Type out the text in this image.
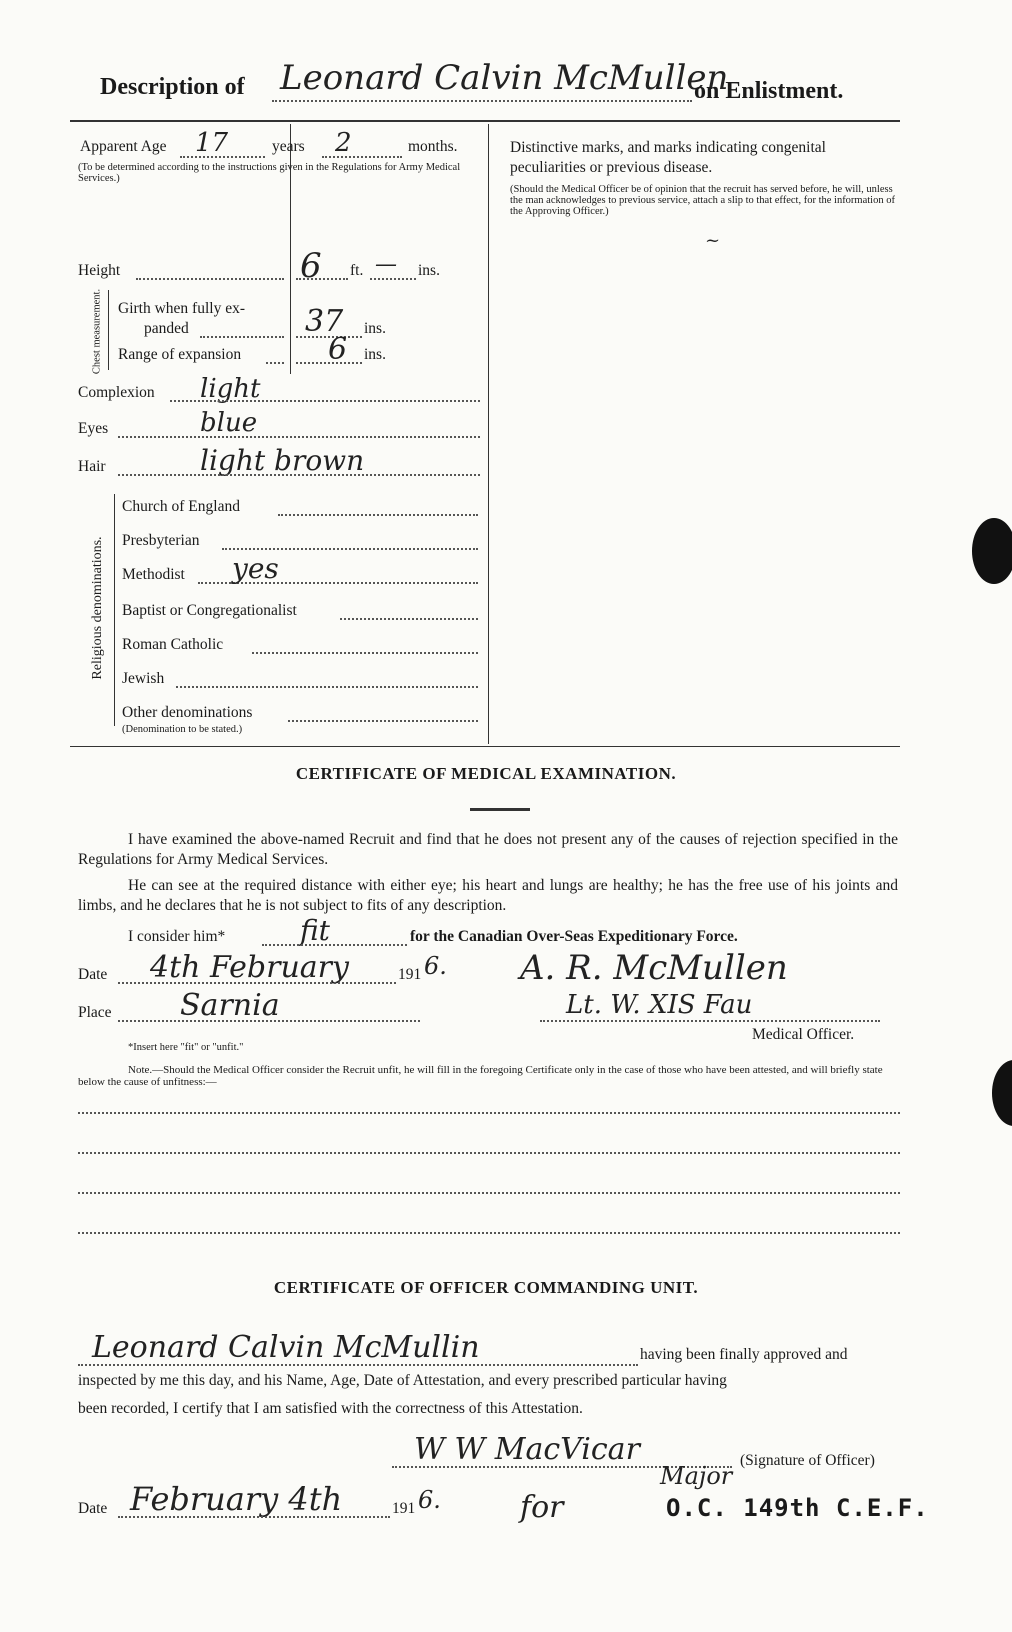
Description of Leonard Calvin McMullen
on Enlistment.
Apparent Age 17	years 2	months.
(To be determined according to the instructions given in the Regulations for Army Medical Services.)
Distinctive marks, and marks indicating congenital peculiarities or previous disease.
(Should the Medical Officer be of opinion that the recruit has served before, he will, unless the man acknowledges to previous service, attach a slip to that effect, for the information of the Approving Officer.)
~
Height	6 ft. — ins.
Chest measurement. Girth when fully ex-
panded	37 ins.
Range of expansion	6 ins.
Complexion light
Eyes	blue
Hair	light brown
Religious denominations.
Church of England
Presbyterian
Methodist yes
Baptist or Congregationalist
Roman Catholic
Jewish
Other denominations
(Denomination to be stated.)
CERTIFICATE OF MEDICAL EXAMINATION.
I have examined the above-named Recruit and find that he does not present any of the causes of rejection specified in the Regulations for Army Medical Services.
He can see at the required distance with either eye; his heart and lungs are healthy; he has the free use of his joints and limbs, and he declares that he is not subject to fits of any description.
I consider him*	fit	for the Canadian Over-Seas Expeditionary Force.
Date 4th February	191 6. A. R. McMullen
Place Sarnia	Lt. W. XIS Fau
Medical Officer.
*Insert here "fit" or "unfit."
Note.—Should the Medical Officer consider the Recruit unfit, he will fill in the foregoing Certificate only in the case of those who have been attested, and will briefly state below the cause of unfitness:—
CERTIFICATE OF OFFICER COMMANDING UNIT.
Leonard Calvin McMullin	having been finally approved and
inspected by me this day, and his Name, Age, Date of Attestation, and every prescribed particular having
been recorded, I certify that I am satisfied with the correctness of this Attestation.
W W MacVicar	(Signature of Officer)
Major
for
Date February 4th	191 6.	O.C. 149th C.E.F.
